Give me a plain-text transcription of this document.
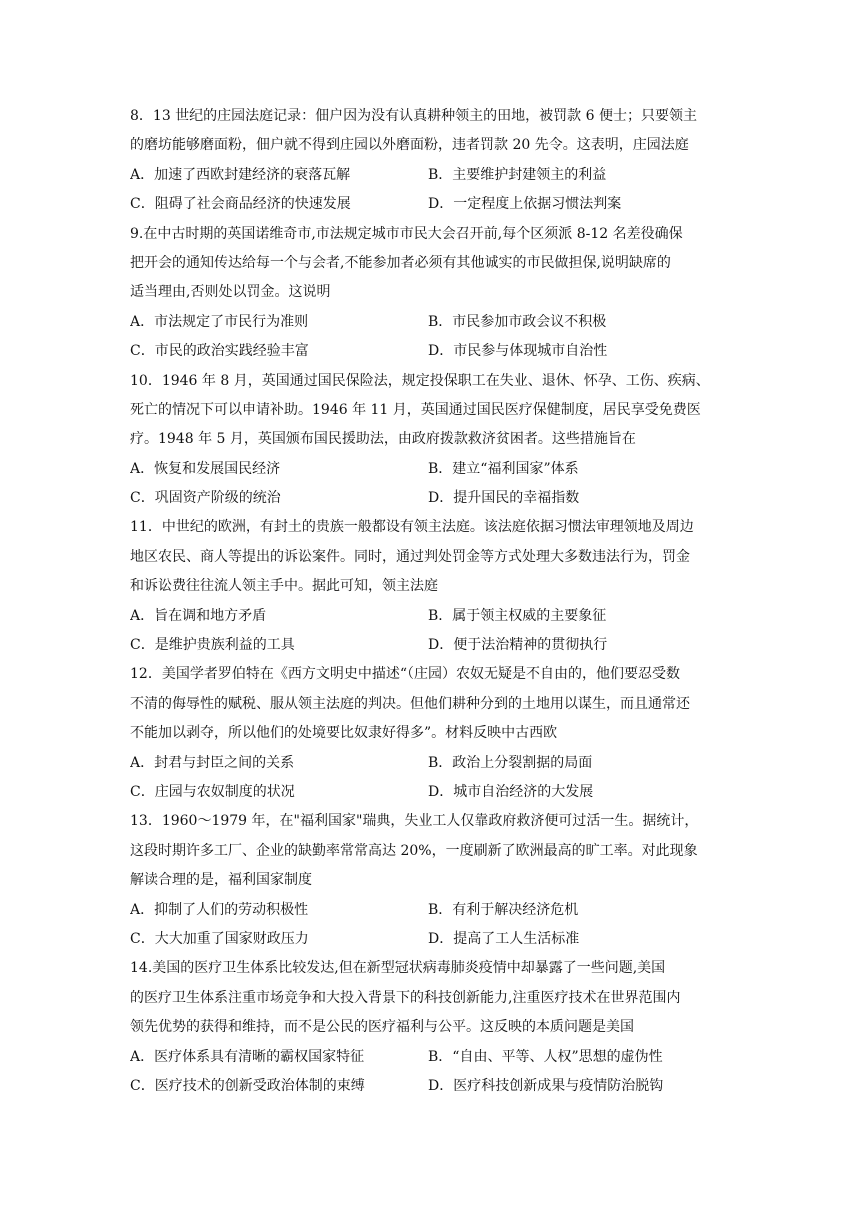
8．13 世纪的庄园法庭记录：佃户因为没有认真耕种领主的田地，被罚款 6 便士；只要领主
的磨坊能够磨面粉，佃户就不得到庄园以外磨面粉，违者罚款 20 先令。这表明，庄园法庭
A．加速了西欧封建经济的衰落瓦解	B．主要维护封建领主的利益
C．阻碍了社会商品经济的快速发展	D．一定程度上依据习惯法判案
9.在中古时期的英国诺维奇市,市法规定城市市民大会召开前,每个区须派 8-12 名差役确保
把开会的通知传达给每一个与会者,不能参加者必须有其他诚实的市民做担保,说明缺席的
适当理由,否则处以罚金。这说明
A．市法规定了市民行为准则	B．市民参加市政会议不积极
C．市民的政治实践经验丰富	D．市民参与体现城市自治性
10．1946 年 8 月，英国通过国民保险法，规定投保职工在失业、退休、怀孕、工伤、疾病、
死亡的情况下可以申请补助。1946 年 11 月，英国通过国民医疗保健制度，居民享受免费医
疗。1948 年 5 月，英国颁布国民援助法，由政府拨款救济贫困者。这些措施旨在
A．恢复和发展国民经济	B．建立“福利国家”体系
C．巩固资产阶级的统治	D．提升国民的幸福指数
11．中世纪的欧洲，有封土的贵族一般都设有领主法庭。该法庭依据习惯法审理领地及周边
地区农民、商人等提出的诉讼案件。同时，通过判处罚金等方式处理大多数违法行为，罚金
和诉讼费往往流人领主手中。据此可知，领主法庭
A．旨在调和地方矛盾	B．属于领主权威的主要象征
C．是维护贵族利益的工具	D．便于法治精神的贯彻执行
12．美国学者罗伯特在《西方文明史中描述“（庄园）农奴无疑是不自由的，他们要忍受数
不清的侮辱性的赋税、服从领主法庭的判决。但他们耕种分到的土地用以谋生，而且通常还
不能加以剥夺，所以他们的处境要比奴隶好得多”。材料反映中古西欧
A．封君与封臣之间的关系	B．政治上分裂割据的局面
C．庄园与农奴制度的状况	D．城市自治经济的大发展
13．1960～1979 年，在"福利国家"瑞典，失业工人仅靠政府救济便可过活一生。据统计，
这段时期许多工厂、企业的缺勤率常常高达 20%，一度刷新了欧洲最高的旷工率。对此现象
解读合理的是，福利国家制度
A．抑制了人们的劳动积极性	B．有利于解决经济危机
C．大大加重了国家财政压力	D．提高了工人生活标准
14.美国的医疗卫生体系比较发达,但在新型冠状病毒肺炎疫情中却暴露了一些问题,美国
的医疗卫生体系注重市场竞争和大投入背景下的科技创新能力,注重医疗技术在世界范围内
领先优势的获得和维持，而不是公民的医疗福利与公平。这反映的本质问题是美国
A．医疗体系具有清晰的霸权国家特征	B．“自由、平等、人权”思想的虚伪性
C．医疗技术的创新受政治体制的束缚	D．医疗科技创新成果与疫情防治脱钩
